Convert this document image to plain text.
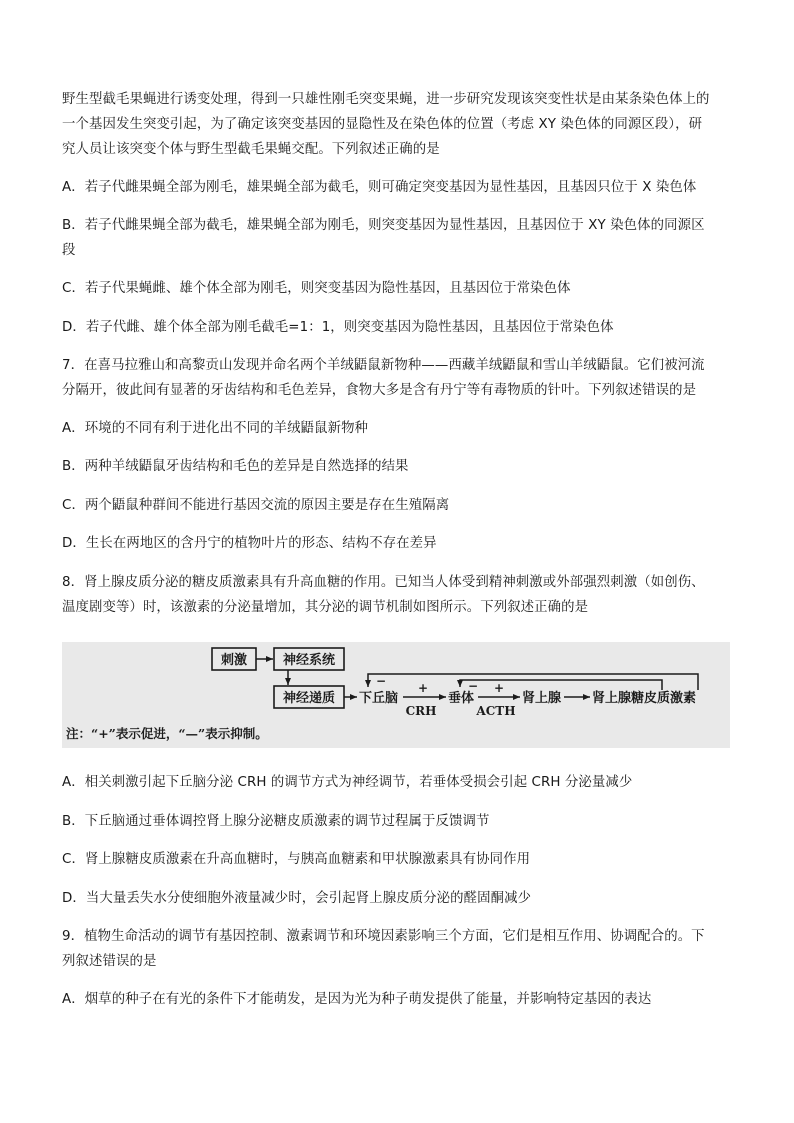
野生型截毛果蝇进行诱变处理，得到一只雄性刚毛突变果蝇，进一步研究发现该突变性状是由某条染色体上的
一个基因发生突变引起，为了确定该突变基因的显隐性及在染色体的位置（考虑 XY 染色体的同源区段），研
究人员让该突变个体与野生型截毛果蝇交配。下列叙述正确的是
A．若子代雌果蝇全部为刚毛，雄果蝇全部为截毛，则可确定突变基因为显性基因，且基因只位于 X 染色体
B．若子代雌果蝇全部为截毛，雄果蝇全部为刚毛，则突变基因为显性基因，且基因位于 XY 染色体的同源区
段
C．若子代果蝇雌、雄个体全部为刚毛，则突变基因为隐性基因，且基因位于常染色体
D．若子代雌、雄个体全部为刚毛截毛=1：1，则突变基因为隐性基因，且基因位于常染色体
7．在喜马拉雅山和高黎贡山发现并命名两个羊绒鼯鼠新物种——西藏羊绒鼯鼠和雪山羊绒鼯鼠。它们被河流
分隔开，彼此间有显著的牙齿结构和毛色差异，食物大多是含有丹宁等有毒物质的针叶。下列叙述错误的是
A．环境的不同有利于进化出不同的羊绒鼯鼠新物种
B．两种羊绒鼯鼠牙齿结构和毛色的差异是自然选择的结果
C．两个鼯鼠种群间不能进行基因交流的原因主要是存在生殖隔离
D．生长在两地区的含丹宁的植物叶片的形态、结构不存在差异
8．肾上腺皮质分泌的糖皮质激素具有升高血糖的作用。已知当人体受到精神刺激或外部强烈刺激（如创伤、
温度剧变等）时，该激素的分泌量增加，其分泌的调节机制如图所示。下列叙述正确的是
刺激	神经系统
神经递质 下丘脑	垂体	肾上腺 肾上腺糖皮质激素
+	+
CRH	ACTH
−	−
注：“+”表示促进，“—”表示抑制。
A．相关刺激引起下丘脑分泌 CRH 的调节方式为神经调节，若垂体受损会引起 CRH 分泌量减少
B．下丘脑通过垂体调控肾上腺分泌糖皮质激素的调节过程属于反馈调节
C．肾上腺糖皮质激素在升高血糖时，与胰高血糖素和甲状腺激素具有协同作用
D．当大量丢失水分使细胞外液量减少时，会引起肾上腺皮质分泌的醛固酮减少
9．植物生命活动的调节有基因控制、激素调节和环境因素影响三个方面，它们是相互作用、协调配合的。下
列叙述错误的是
A．烟草的种子在有光的条件下才能萌发，是因为光为种子萌发提供了能量，并影响特定基因的表达
